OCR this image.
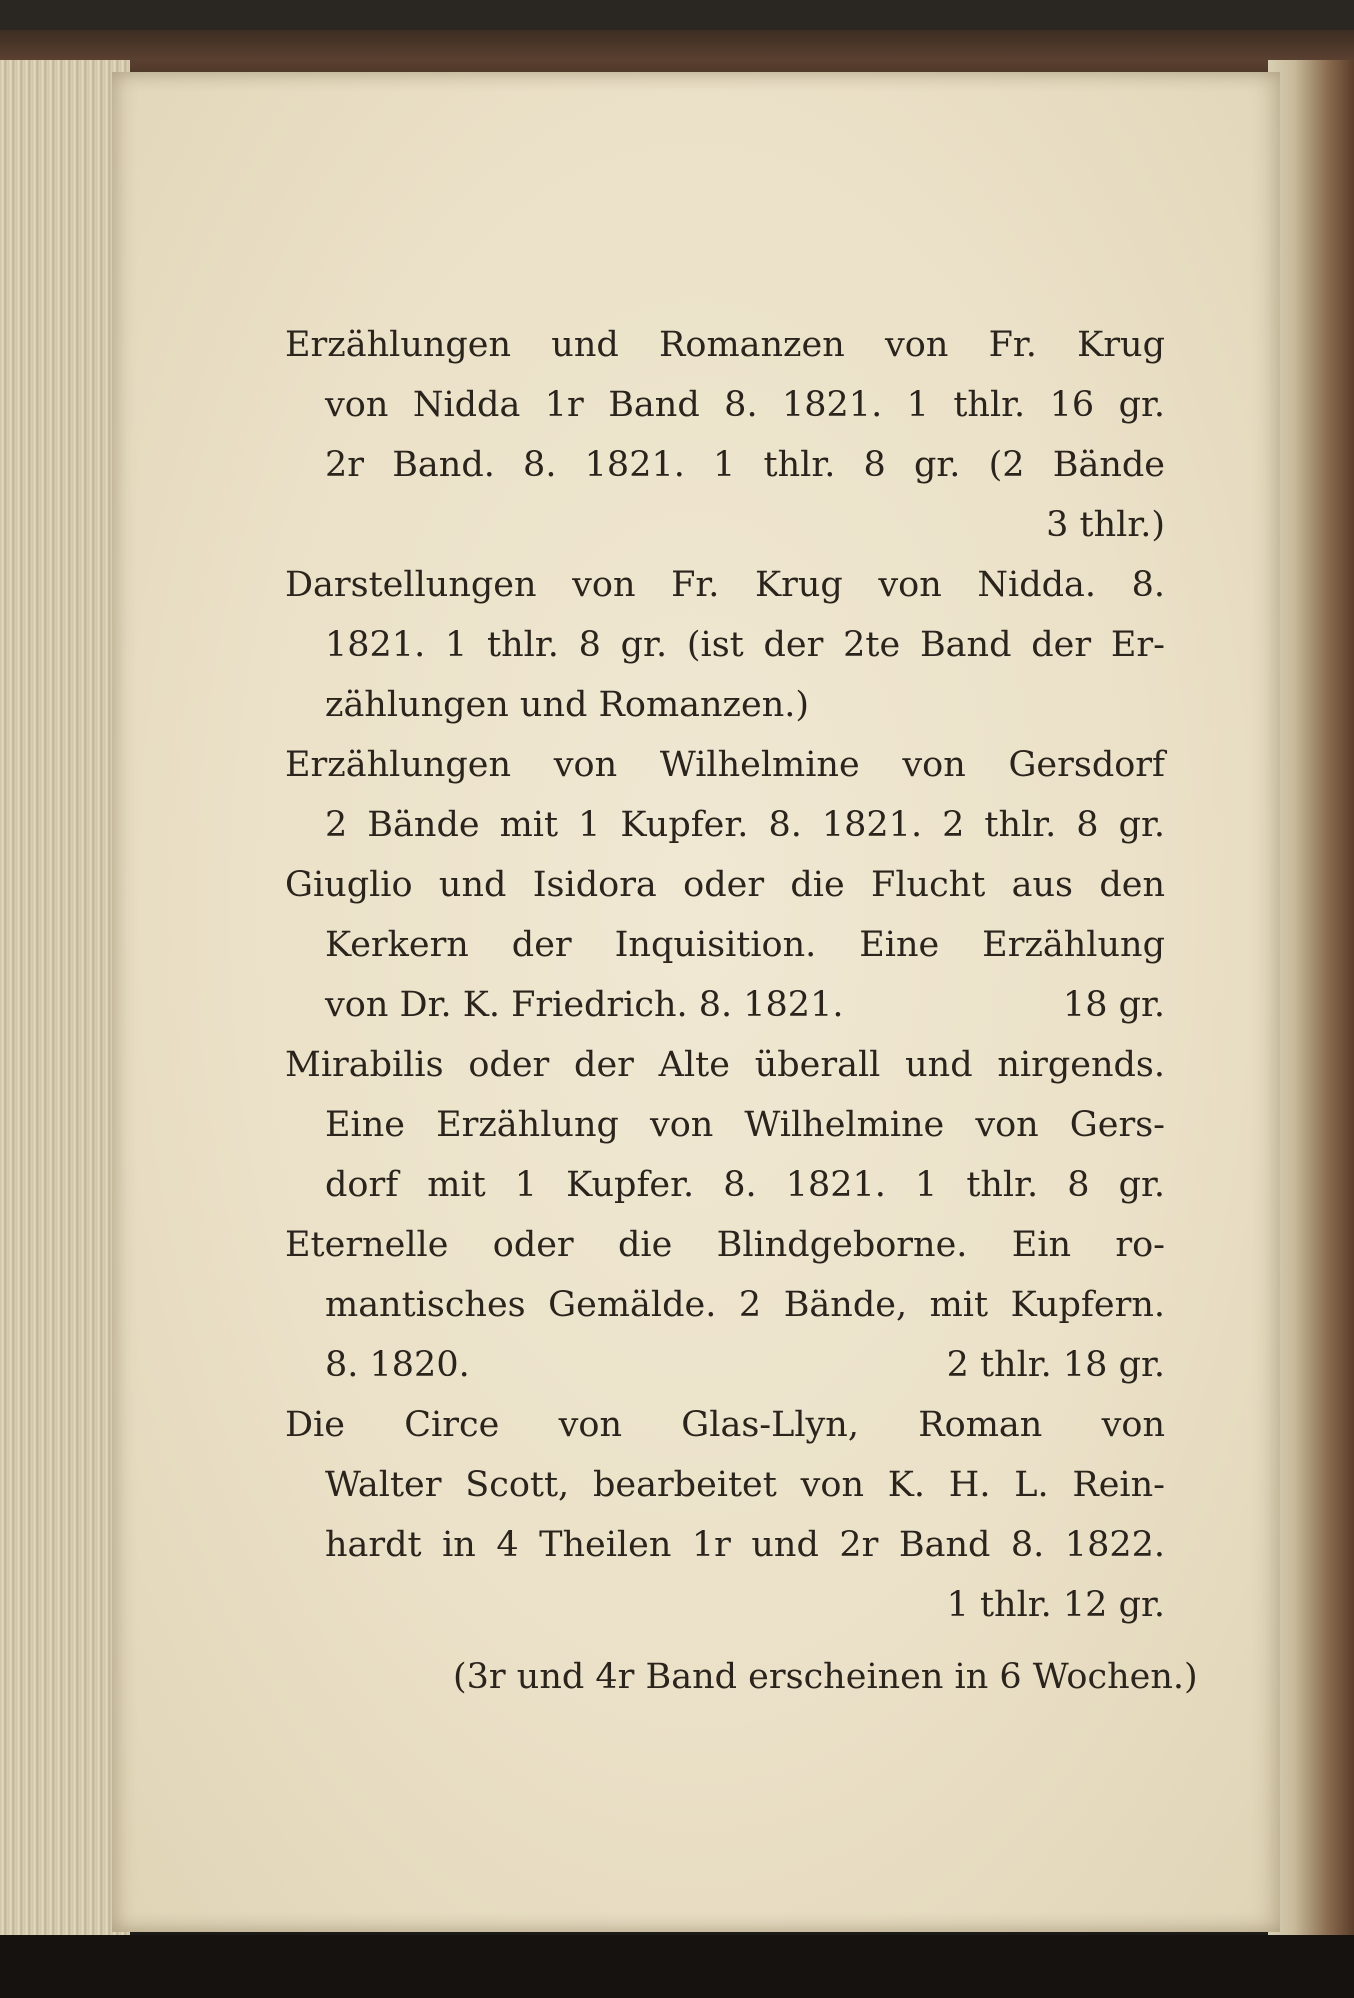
Erzählungen und Romanzen von Fr. Krug
von Nidda 1r Band 8. 1821. 1 thlr. 16 gr.
2r Band. 8. 1821. 1 thlr. 8 gr. (2 Bände
3 thlr.)
Darstellungen von Fr. Krug von Nidda. 8.
1821. 1 thlr. 8 gr. (ist der 2te Band der Er-
zählungen und Romanzen.)
Erzählungen von Wilhelmine von Gersdorf
2 Bände mit 1 Kupfer. 8. 1821. 2 thlr. 8 gr.
Giuglio und Isidora oder die Flucht aus den
Kerkern der Inquisition. Eine Erzählung
von Dr. K. Friedrich. 8. 1821.	18 gr.
Mirabilis oder der Alte überall und nirgends.
Eine Erzählung von Wilhelmine von Gers-
dorf mit 1 Kupfer. 8. 1821. 1 thlr. 8 gr.
Eternelle oder die Blindgeborne. Ein ro-
mantisches Gemälde. 2 Bände, mit Kupfern.
8. 1820.	2 thlr. 18 gr.
Die Circe von Glas-Llyn, Roman von
Walter Scott, bearbeitet von K. H. L. Rein-
hardt in 4 Theilen 1r und 2r Band 8. 1822.
1 thlr. 12 gr.
(3r und 4r Band erscheinen in 6 Wochen.)
